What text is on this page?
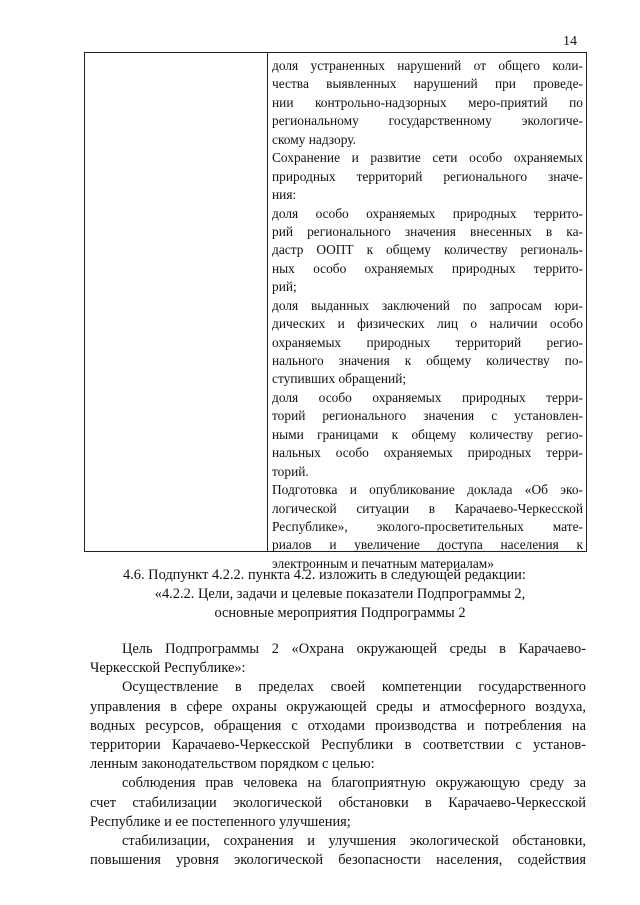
14
доля устраненных нарушений от общего коли-
чества выявленных нарушений при проведе-
нии контрольно-надзорных меро-приятий по
региональному государственному экологиче-
скому надзору.
Сохранение и развитие сети особо охраняемых
природных территорий регионального значе-
ния:
доля особо охраняемых природных террито-
рий регионального значения внесенных в ка-
дастр ООПТ к общему количеству региональ-
ных особо охраняемых природных террито-
рий;
доля выданных заключений по запросам юри-
дических и физических лиц о наличии особо
охраняемых природных территорий регио-
нального значения к общему количеству по-
ступивших обращений;
доля особо охраняемых природных терри-
торий регионального значения с установлен-
ными границами к общему количеству регио-
нальных особо охраняемых природных терри-
торий.
Подготовка и опубликование доклада «Об эко-
логической ситуации в Карачаево-Черкесской
Республике», эколого-просветительных мате-
риалов и увеличение доступа населения к
электронным и печатным материалам»
4.6. Подпункт 4.2.2. пункта 4.2. изложить в следующей редакции:
«4.2.2. Цели, задачи и целевые показатели Подпрограммы 2,
основные мероприятия Подпрограммы 2
Цель Подпрограммы 2 «Охрана окружающей среды в Карачаево-
Черкесской Республике»:
Осуществление в пределах своей компетенции государственного
управления в сфере охраны окружающей среды и атмосферного воздуха,
водных ресурсов, обращения с отходами производства и потребления на
территории Карачаево-Черкесской Республики в соответствии с установ-
ленным законодательством порядком с целью:
соблюдения прав человека на благоприятную окружающую среду за
счет стабилизации экологической обстановки в Карачаево-Черкесской
Республике и ее постепенного улучшения;
стабилизации, сохранения и улучшения экологической обстановки,
повышения уровня экологической безопасности населения, содействия
